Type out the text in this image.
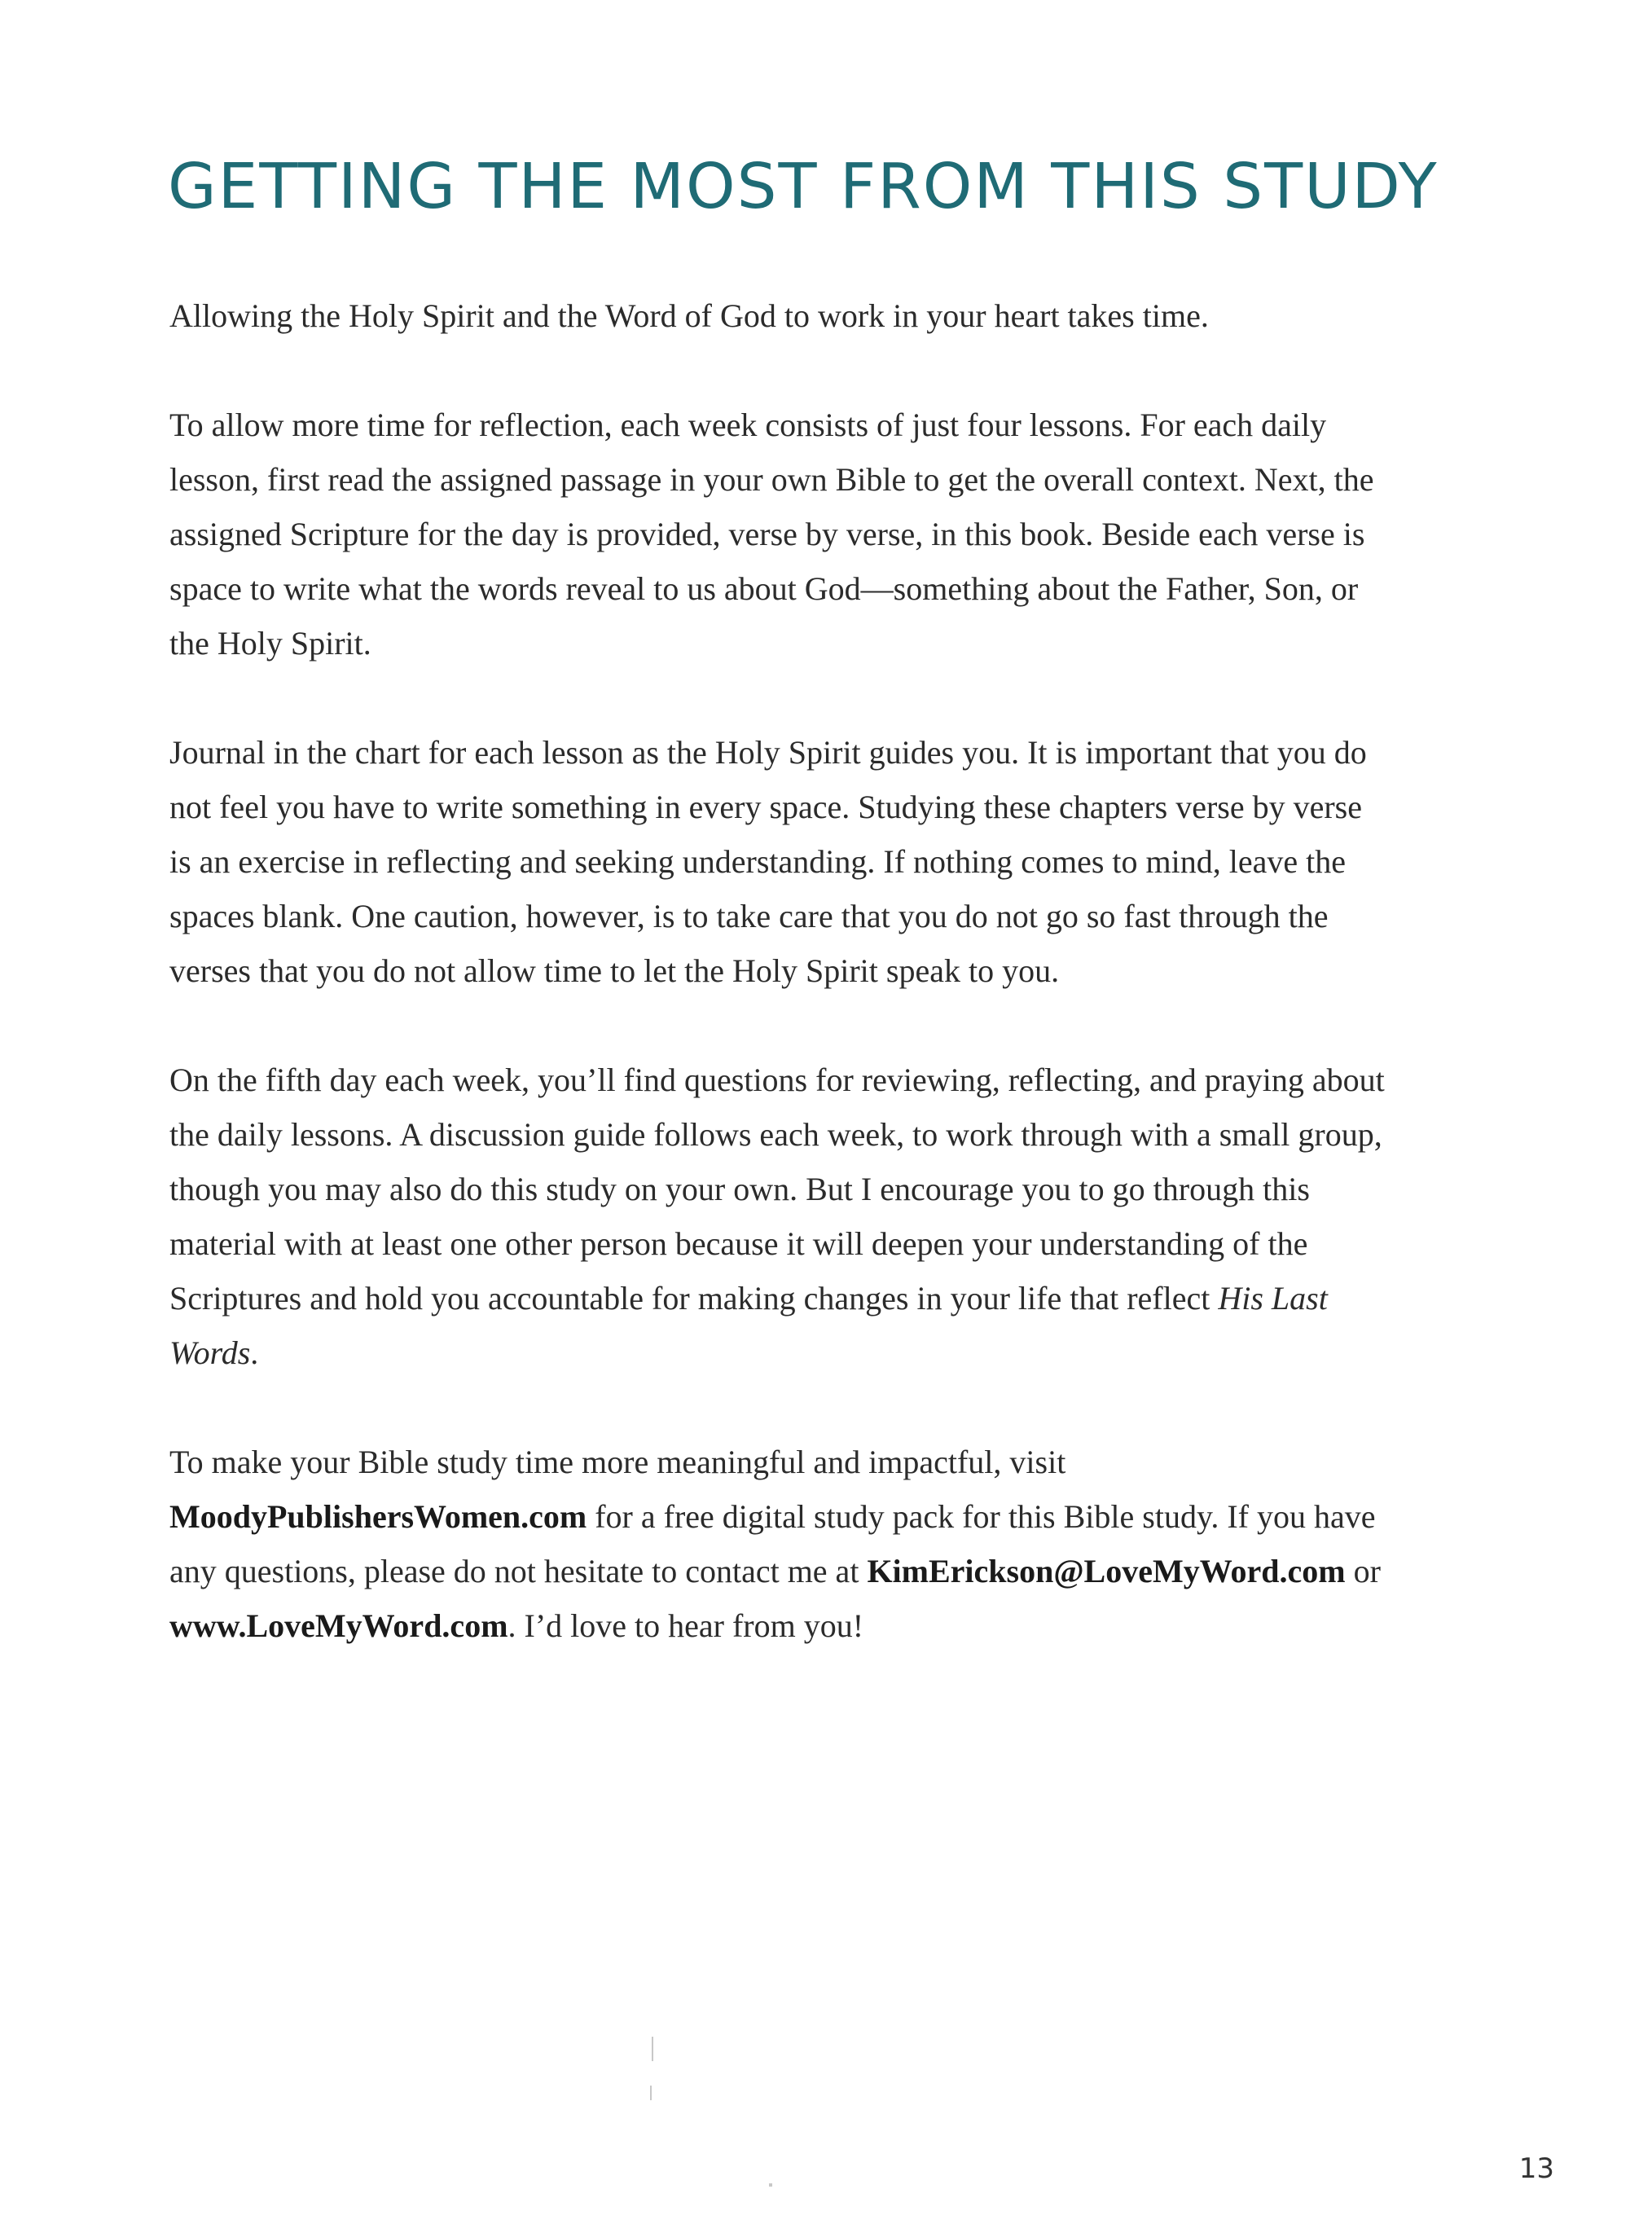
GETTING THE MOST FROM THIS STUDY

Allowing the Holy Spirit and the Word of God to work in your heart takes time.

To allow more time for reflection, each week consists of just four lessons. For each daily lesson, first read the assigned passage in your own Bible to get the overall context. Next, the assigned Scripture for the day is provided, verse by verse, in this book. Beside each verse is space to write what the words reveal to us about God—something about the Father, Son, or the Holy Spirit.

Journal in the chart for each lesson as the Holy Spirit guides you. It is important that you do not feel you have to write something in every space. Studying these chapters verse by verse is an exercise in reflecting and seeking understanding. If nothing comes to mind, leave the spaces blank. One caution, however, is to take care that you do not go so fast through the verses that you do not allow time to let the Holy Spirit speak to you.

On the fifth day each week, you’ll find questions for reviewing, reflecting, and praying about the daily lessons. A discussion guide follows each week, to work through with a small group, though you may also do this study on your own. But I encourage you to go through this material with at least one other person because it will deepen your understanding of the Scriptures and hold you accountable for making changes in your life that reflect His Last Words.

To make your Bible study time more meaningful and impactful, visit MoodyPublishersWomen.com for a free digital study pack for this Bible study. If you have any questions, please do not hesitate to contact me at KimErickson@LoveMyWord.com or www.LoveMyWord.com. I’d love to hear from you!

13
